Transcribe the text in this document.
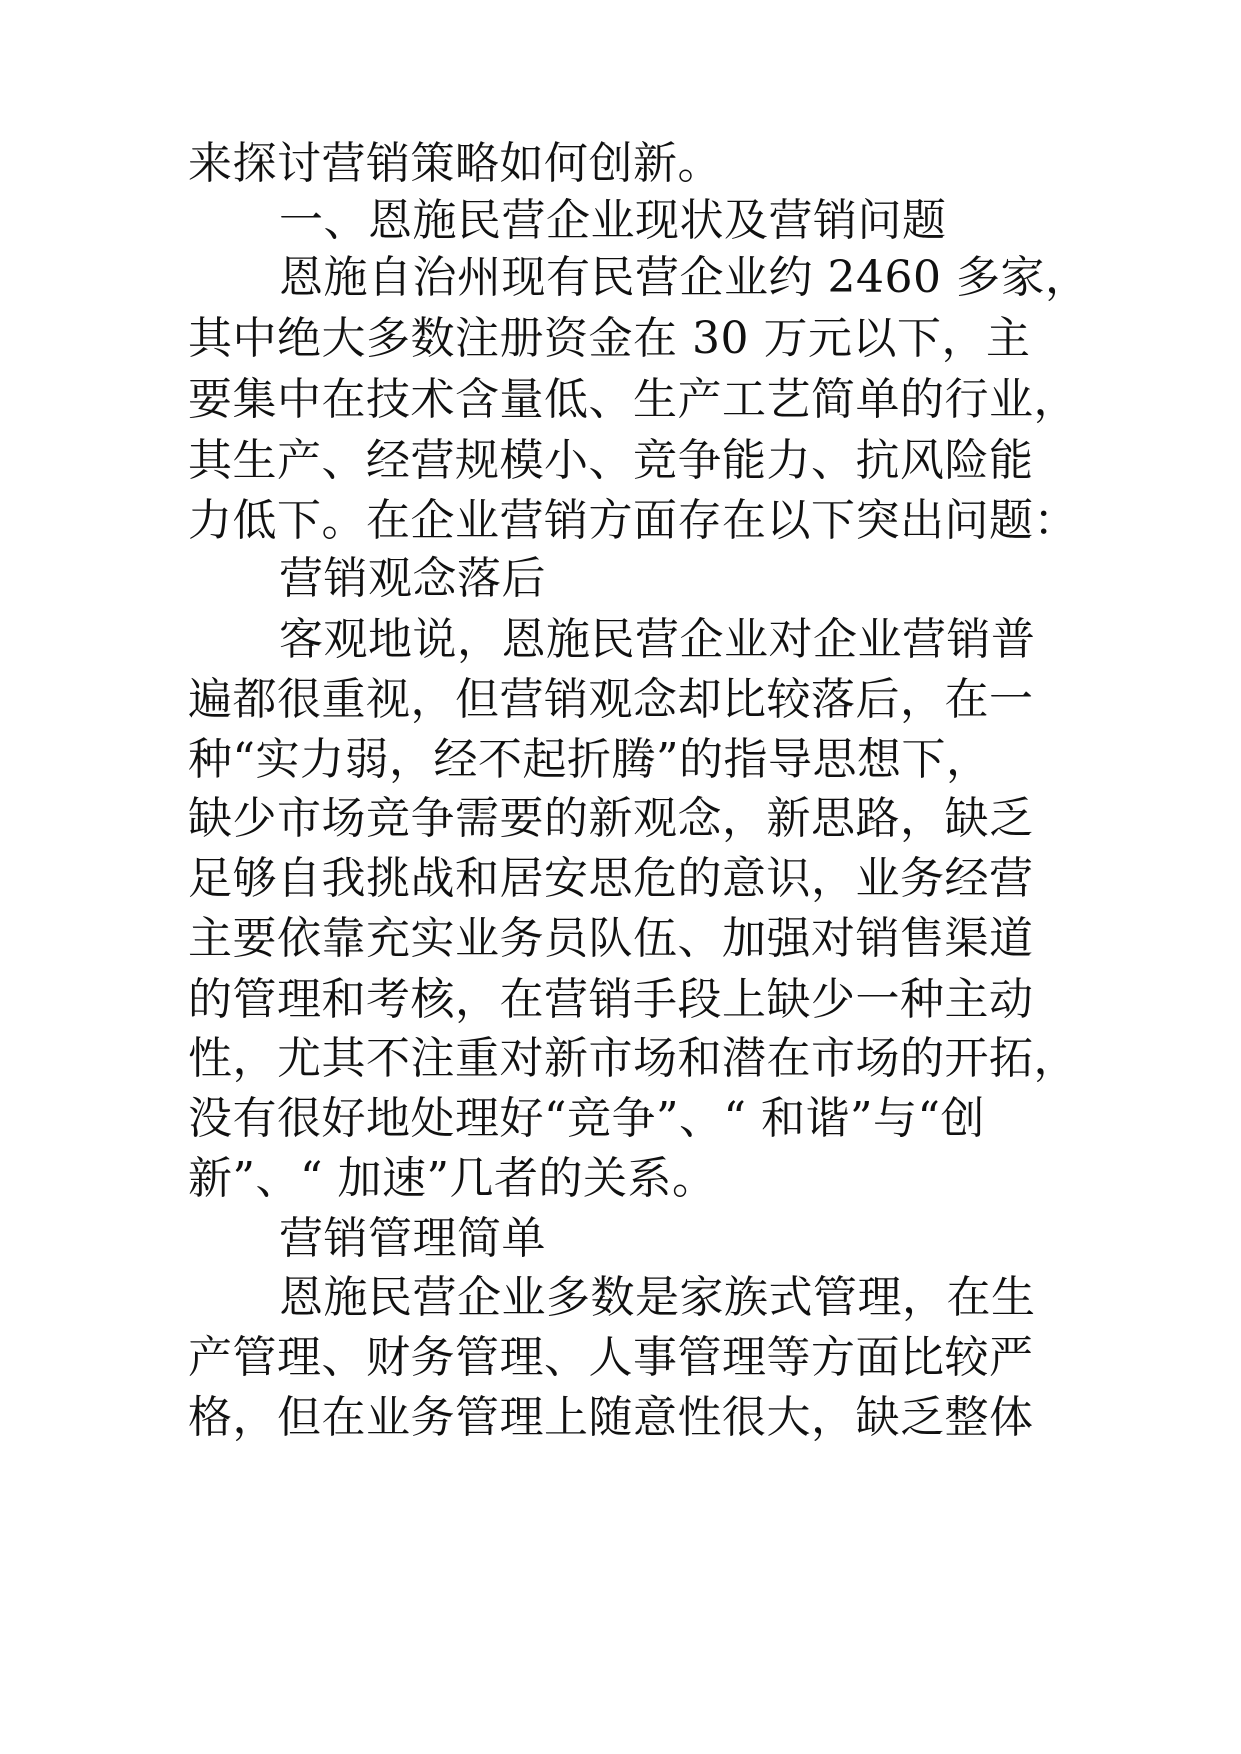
来探讨营销策略如何创新。
一、恩施民营企业现状及营销问题
恩施自治州现有民营企业约 2460 多家，
其中绝大多数注册资金在 30 万元以下，主
要集中在技术含量低、生产工艺简单的行业，
其生产、经营规模小、竞争能力、抗风险能
力低下。在企业营销方面存在以下突出问题：
营销观念落后
客观地说，恩施民营企业对企业营销普
遍都很重视，但营销观念却比较落后，在一
种“实力弱，经不起折腾”的指导思想下，
缺少市场竞争需要的新观念，新思路，缺乏
足够自我挑战和居安思危的意识，业务经营
主要依靠充实业务员队伍、加强对销售渠道
的管理和考核，在营销手段上缺少一种主动
性，尤其不注重对新市场和潜在市场的开拓，
没有很好地处理好“竞争”、“ 和谐”与“创
新”、“ 加速”几者的关系。
营销管理简单
恩施民营企业多数是家族式管理，在生
产管理、财务管理、人事管理等方面比较严
格，但在业务管理上随意性很大，缺乏整体
